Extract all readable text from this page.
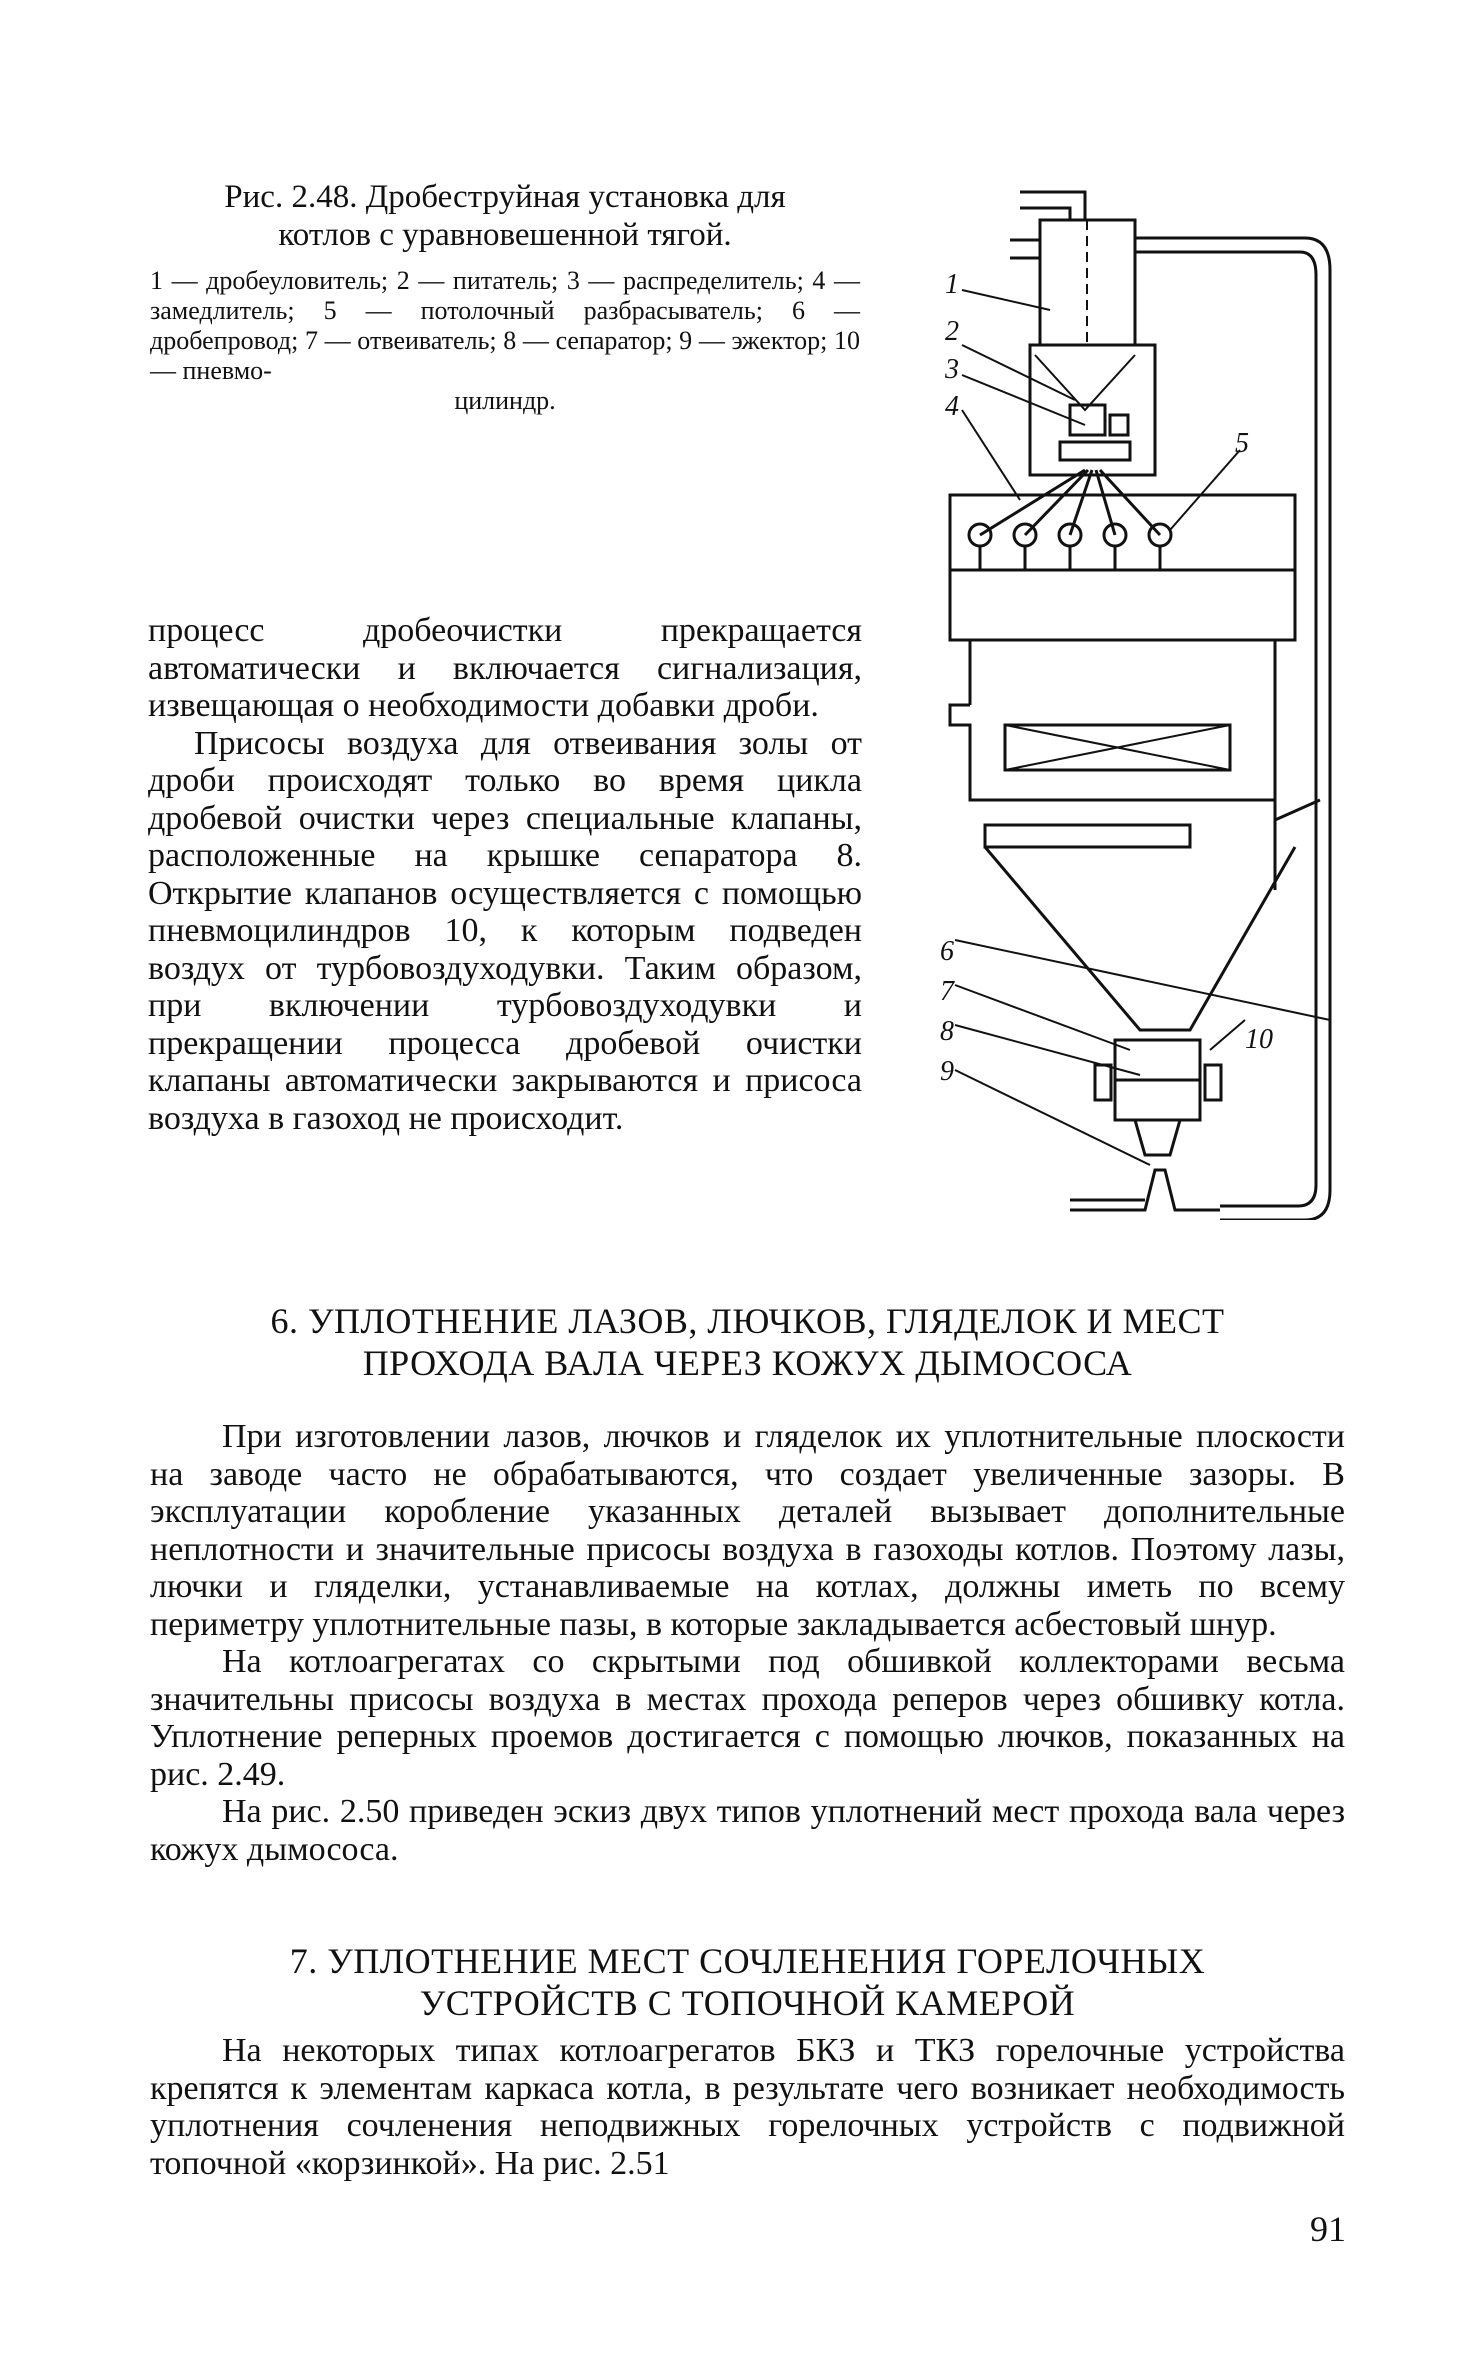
Рис. 2.48. Дробеструйная установка для

котлов с уравновешенной тягой.

1 — дробеуловитель; 2 — питатель; 3 — распределитель; 4 — замедлитель; 5 — потолочный разбрасыватель; 6 — дробепровод; 7 — отвеиватель; 8 — сепаратор; 9 — эжектор; 10 — пневмо-
цилиндр.

процесс дробеочистки прекращается автоматически и включается сигнализация, извещающая о необходимости добавки дроби.

Присосы воздуха для отвеивания золы от дроби происходят только во время цикла дробевой очистки через специальные клапаны, расположенные на крышке сепаратора 8. Открытие клапанов осуществляется с помощью пневмоцилиндров 10, к которым подведен воздух от турбовоздуходувки. Таким образом, при включении турбовоздуходувки и прекращении процесса дробевой очистки клапаны автоматически закрываются и присоса воздуха в газоход не происходит.

1
2
3
4
5
6
7
8
9
10
6. УПЛОТНЕНИЕ ЛАЗОВ, ЛЮЧКОВ, ГЛЯДЕЛОК И МЕСТ
ПРОХОДА ВАЛА ЧЕРЕЗ КОЖУХ ДЫМОСОСА

При изготовлении лазов, лючков и гляделок их уплотнительные плоскости на заводе часто не обрабатываются, что создает увеличенные зазоры. В эксплуатации коробление указанных деталей вызывает дополнительные неплотности и значительные присосы воздуха в газоходы котлов. Поэтому лазы, лючки и гляделки, устанавливаемые на котлах, должны иметь по всему периметру уплотнительные пазы, в которые закладывается асбестовый шнур.

На котлоагрегатах со скрытыми под обшивкой коллекторами весьма значительны присосы воздуха в местах прохода реперов через обшивку котла. Уплотнение реперных проемов достигается с помощью лючков, показанных на рис. 2.49.

На рис. 2.50 приведен эскиз двух типов уплотнений мест прохода вала через кожух дымососа.

7. УПЛОТНЕНИЕ МЕСТ СОЧЛЕНЕНИЯ ГОРЕЛОЧНЫХ
УСТРОЙСТВ С ТОПОЧНОЙ КАМЕРОЙ

На некоторых типах котлоагрегатов БКЗ и ТКЗ горелочные устройства крепятся к элементам каркаса котла, в результате чего возникает необходимость уплотнения сочленения неподвижных горелочных устройств с подвижной топочной «корзинкой». На рис. 2.51

91
